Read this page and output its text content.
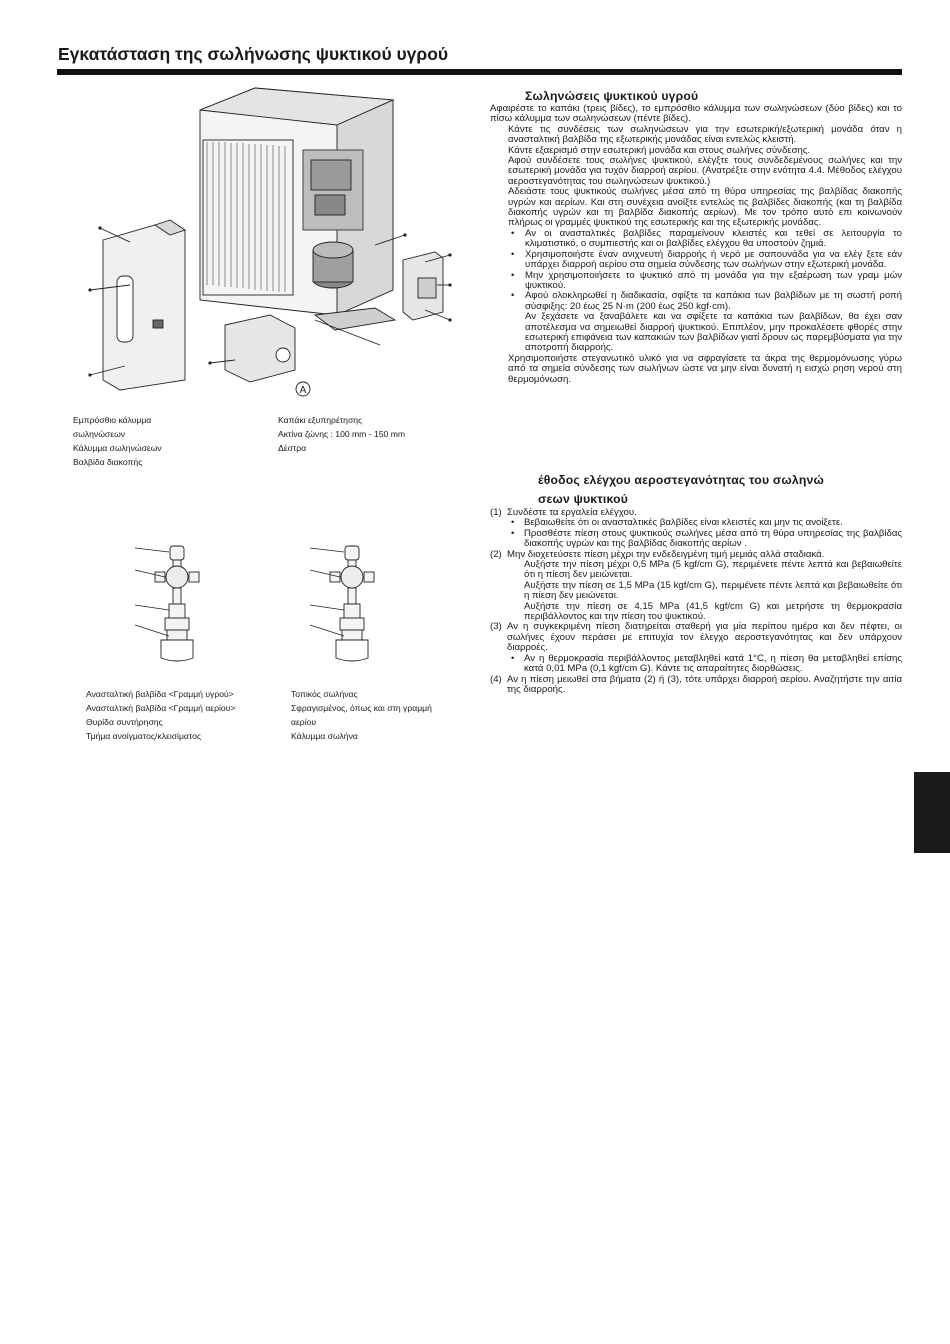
Εγκατάσταση της σωλήνωσης ψυκτικού υγρού
A
Εμπρόσθιο κάλυμμα
σωληνώσεων
Κάλυμμα σωληνώσεων
Βαλβίδα διακοπής
Καπάκι εξυπηρέτησης
Ακτίνα ζώνης : 100 mm - 150 mm
Δέστρα
Ανασταλτική βαλβίδα <Γραμμή υγρού>
Ανασταλτική βαλβίδα <Γραμμή αερίου>
Θυρίδα συντήρησης
Τμήμα ανοίγματος/κλεισίματος
Τοπικός σωλήνας
Σφραγισμένος, όπως και στη γραμμή
αερίου
Κάλυμμα σωλήνα
Σωληνώσεις ψυκτικού υγρού

Αφαιρέστε το καπάκι (τρεις βίδες), το εμπρόσθιο κάλυμμα των σωληνώσεων (δύο βίδες) και το πίσω κάλυμμα των σωληνώσεων (πέντε βίδες).

Κάντε τις συνδέσεις των σωληνώσεων για την εσωτερική/εξωτερική μονάδα όταν η ανασταλτική βαλβίδα της εξωτερικής μονάδας είναι εντελώς κλειστή.

Κάντε εξαερισμό στην εσωτερική μονάδα και στους σωλήνες σύνδεσης.

Αφού συνδέσετε τους σωλήνες ψυκτικού, ελέγξτε τους συνδεδεμένους σωλήνες και την εσωτερική μονάδα για τυχόν διαρροή αερίου. (Ανατρέξτε στην ενότητα 4.4. Μέθοδος ελέγχου αεροστεγανότητας του σωληνώσεων ψυκτικού.)

Αδειάστε τους ψυκτικούς σωλήνες μέσα από τη θύρα υπηρεσίας της βαλβίδας διακοπής υγρών και αερίων. Και στη συνέχεια ανοίξτε εντελώς τις βαλβίδες διακοπής (και τη βαλβίδα διακοπής υγρών και τη βαλβίδα διακοπής αερίων). Με τον τρόπο αυτό επι κοινωνούν πλήρως οι γραμμές ψυκτικού της εσωτερικής και της εξωτερικής μονάδας.

• Αν οι ανασταλτικές βαλβίδες παραμείνουν κλειστές και τεθεί σε λειτουργία το κλιματιστικό, ο συμπιεστής και οι βαλβίδες ελέγχου θα υποστούν ζημιά.

• Χρησιμοποιήστε έναν ανιχνευτή διαρροής ή νερό με σαπουνάδα για να ελέγ ξετε εάν υπάρχει διαρροή αερίου στα σημεία σύνδεσης των σωλήνων στην εξωτερική μονάδα.

• Μην χρησιμοποιήσετε το ψυκτικό από τη μονάδα για την εξαέρωση των γραμ μών ψυκτικού.

• Αφού ολοκληρωθεί η διαδικασία, σφίξτε τα καπάκια των βαλβίδων με τη σωστή ροπή σύσφιξης: 20 έως 25 N·m (200 έως 250 kgf·cm).

Αν ξεχάσετε να ξαναβάλετε και να σφίξετε τα καπάκια των βαλβίδων, θα έχει σαν αποτέλεσμα να σημειωθεί διαρροή ψυκτικού. Επιπλέον, μην προκαλέσετε φθορές στην εσωτερική επιφάνεια των καπακιών των βαλβίδων γιατί δρουν ως παρεμβύσματα για την αποτροπή διαρροής.

Χρησιμοποιήστε στεγανωτικό υλικό για να σφραγίσετε τα άκρα της θερμομόνωσης γύρω από τα σημεία σύνδεσης των σωλήνων ώστε να μην είναι δυνατή η εισχώ ρηση νερού στη θερμομόνωση.

έθοδος ελέγχου αεροστεγανότητας του σωληνώ
σεων ψυκτικού

(1) Συνδέστε τα εργαλεία ελέγχου.

• Βεβαιωθείτε ότι οι ανασταλτικές βαλβίδες είναι κλειστές και μην τις ανοίξετε.

• Προσθέστε πίεση στους ψυκτικούς σωλήνες μέσα από τη θύρα υπηρεσίας της βαλβίδας διακοπής υγρών και της βαλβίδας διακοπής αερίων .

(2) Μην διοχετεύσετε πίεση μέχρι την ενδεδειγμένη τιμή μεμιάς αλλά σταδιακά.

Αυξήστε την πίεση μέχρι 0,5 MPa (5 kgf/cm G), περιμένετε πέντε λεπτά και βεβαιωθείτε ότι η πίεση δεν μειώνεται.

Αυξήστε την πίεση σε 1,5 MPa (15 kgf/cm G), περιμένετε πέντε λεπτά και βεβαιωθείτε ότι η πίεση δεν μειώνεται.

Αυξήστε την πίεση σε 4,15 MPa (41,5 kgf/cm G) και μετρήστε τη θερμοκρασία περιβάλλοντος και την πίεση του ψυκτικού.

(3) Αν η συγκεκριμένη πίεση διατηρείται σταθερή για μία περίπου ημέρα και δεν πέφτει, οι σωλήνες έχουν περάσει με επιτυχία τον έλεγχο αεροστεγανότητας και δεν υπάρχουν διαρροές.

• Αν η θερμοκρασία περιβάλλοντος μεταβληθεί κατά 1°C, η πίεση θα μεταβληθεί επίσης κατά 0,01 MPa (0,1 kgf/cm G). Κάντε τις απαραίτητες διορθώσεις.

(4) Αν η πίεση μειωθεί στα βήματα (2) ή (3), τότε υπάρχει διαρροή αερίου. Αναζητήστε την αιτία της διαρροής.
